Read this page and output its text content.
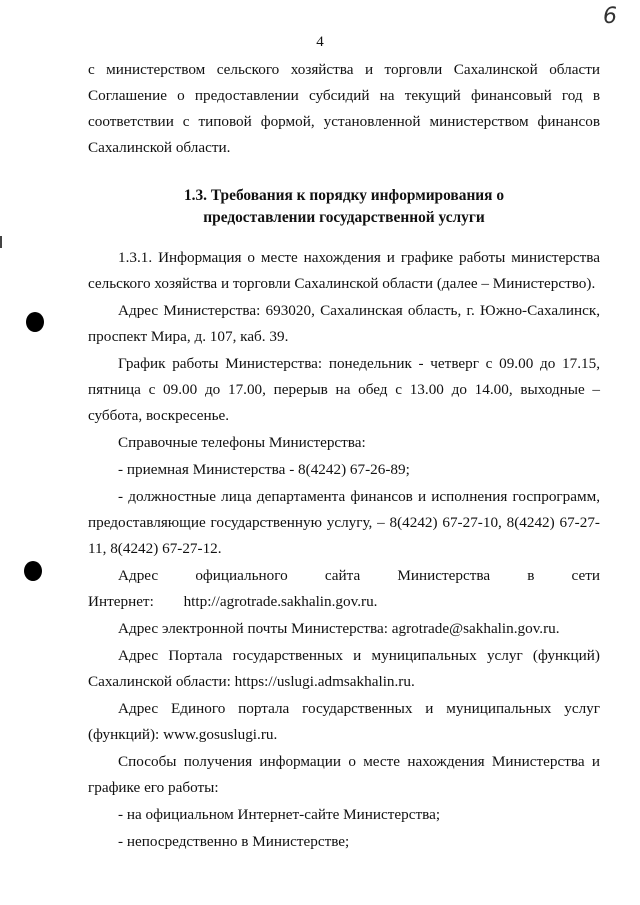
6
4
с министерством сельского хозяйства и торговли Сахалинской области Соглашение о предоставлении субсидий на текущий финансовый год в соответствии с типовой формой, установленной министерством финансов Сахалинской области.
1.3. Требования к порядку информирования о
предоставлении государственной услуги
1.3.1. Информация о месте нахождения и графике работы министерства сельского хозяйства и торговли Сахалинской области (далее – Министерство).
Адрес Министерства: 693020, Сахалинская область, г. Южно-Сахалинск, проспект Мира, д. 107, каб. 39.
График работы Министерства: понедельник - четверг с 09.00 до 17.15, пятница с 09.00 до 17.00, перерыв на обед с 13.00 до 14.00, выходные – суббота, воскресенье.
Справочные телефоны Министерства:
- приемная Министерства - 8(4242) 67-26-89;
- должностные лица департамента финансов и исполнения госпрограмм, предоставляющие государственную услугу, – 8(4242) 67-27-10, 8(4242) 67-27-11, 8(4242) 67-27-12.
Адрес официального сайта Министерства в сети Интернет: http://agrotrade.sakhalin.gov.ru.
Адрес электронной почты Министерства: agrotrade@sakhalin.gov.ru.
Адрес Портала государственных и муниципальных услуг (функций) Сахалинской области: https://uslugi.admsakhalin.ru.
Адрес Единого портала государственных и муниципальных услуг (функций): www.gosuslugi.ru.
Способы получения информации о месте нахождения Министерства и графике его работы:
- на официальном Интернет-сайте Министерства;
- непосредственно в Министерстве;
